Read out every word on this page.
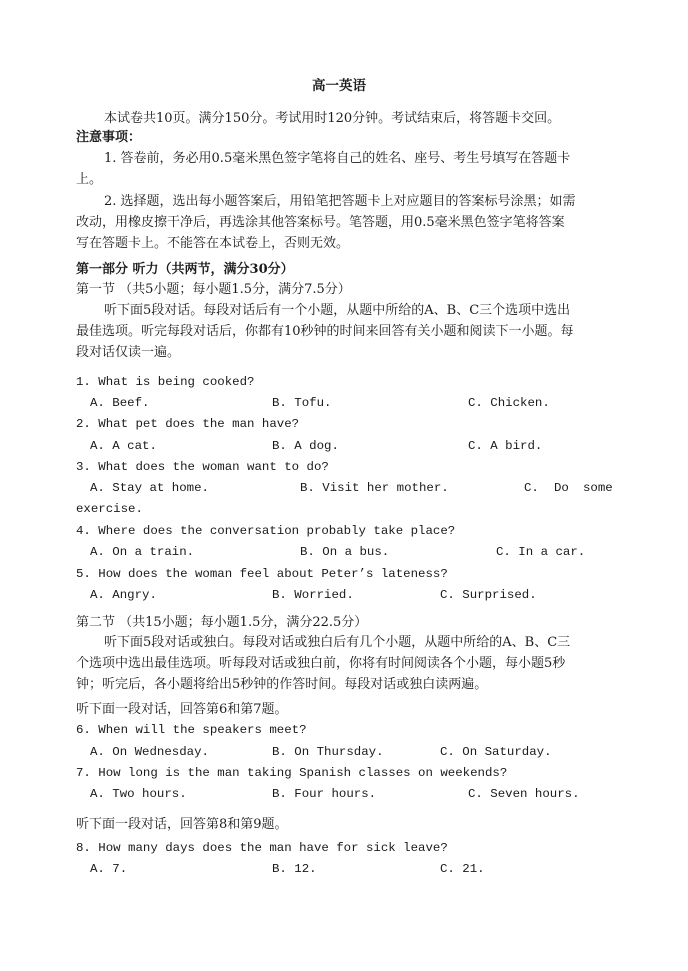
高一英语
本试卷共10页。满分150分。考试用时120分钟。考试结束后，将答题卡交回。
注意事项：
1. 答卷前，务必用0.5毫米黑色签字笔将自己的姓名、座号、考生号填写在答题卡
上。
2. 选择题，选出每小题答案后，用铅笔把答题卡上对应题目的答案标号涂黑；如需
改动，用橡皮擦干净后，再选涂其他答案标号。笔答题，用0.5毫米黑色签字笔将答案
写在答题卡上。不能答在本试卷上，否则无效。
第一部分 听力（共两节，满分30分）
第一节 （共5小题；每小题1.5分，满分7.5分）
听下面5段对话。每段对话后有一个小题，从题中所给的A、B、C三个选项中选出
最佳选项。听完每段对话后，你都有10秒钟的时间来回答有关小题和阅读下一小题。每
段对话仅读一遍。
1. What is being cooked?
A. Beef.	B. Tofu.	C. Chicken.
2. What pet does the man have?
A. A cat.	B. A dog.	C. A bird.
3. What does the woman want to do?
A. Stay at home.	B. Visit her mother.	C. Do some
exercise.
4. Where does the conversation probably take place?
A. On a train.	B. On a bus.	C. In a car.
5. How does the woman feel about Peter’s lateness?
A. Angry.	B. Worried.	C. Surprised.
第二节 （共15小题；每小题1.5分，满分22.5分）
听下面5段对话或独白。每段对话或独白后有几个小题，从题中所给的A、B、C三
个选项中选出最佳选项。听每段对话或独白前，你将有时间阅读各个小题，每小题5秒
钟；听完后，各小题将给出5秒钟的作答时间。每段对话或独白读两遍。
听下面一段对话，回答第6和第7题。
6. When will the speakers meet?
A. On Wednesday.	B. On Thursday.	C. On Saturday.
7. How long is the man taking Spanish classes on weekends?
A. Two hours.	B. Four hours.	C. Seven hours.
听下面一段对话，回答第8和第9题。
8. How many days does the man have for sick leave?
A. 7.	B. 12.	C. 21.
